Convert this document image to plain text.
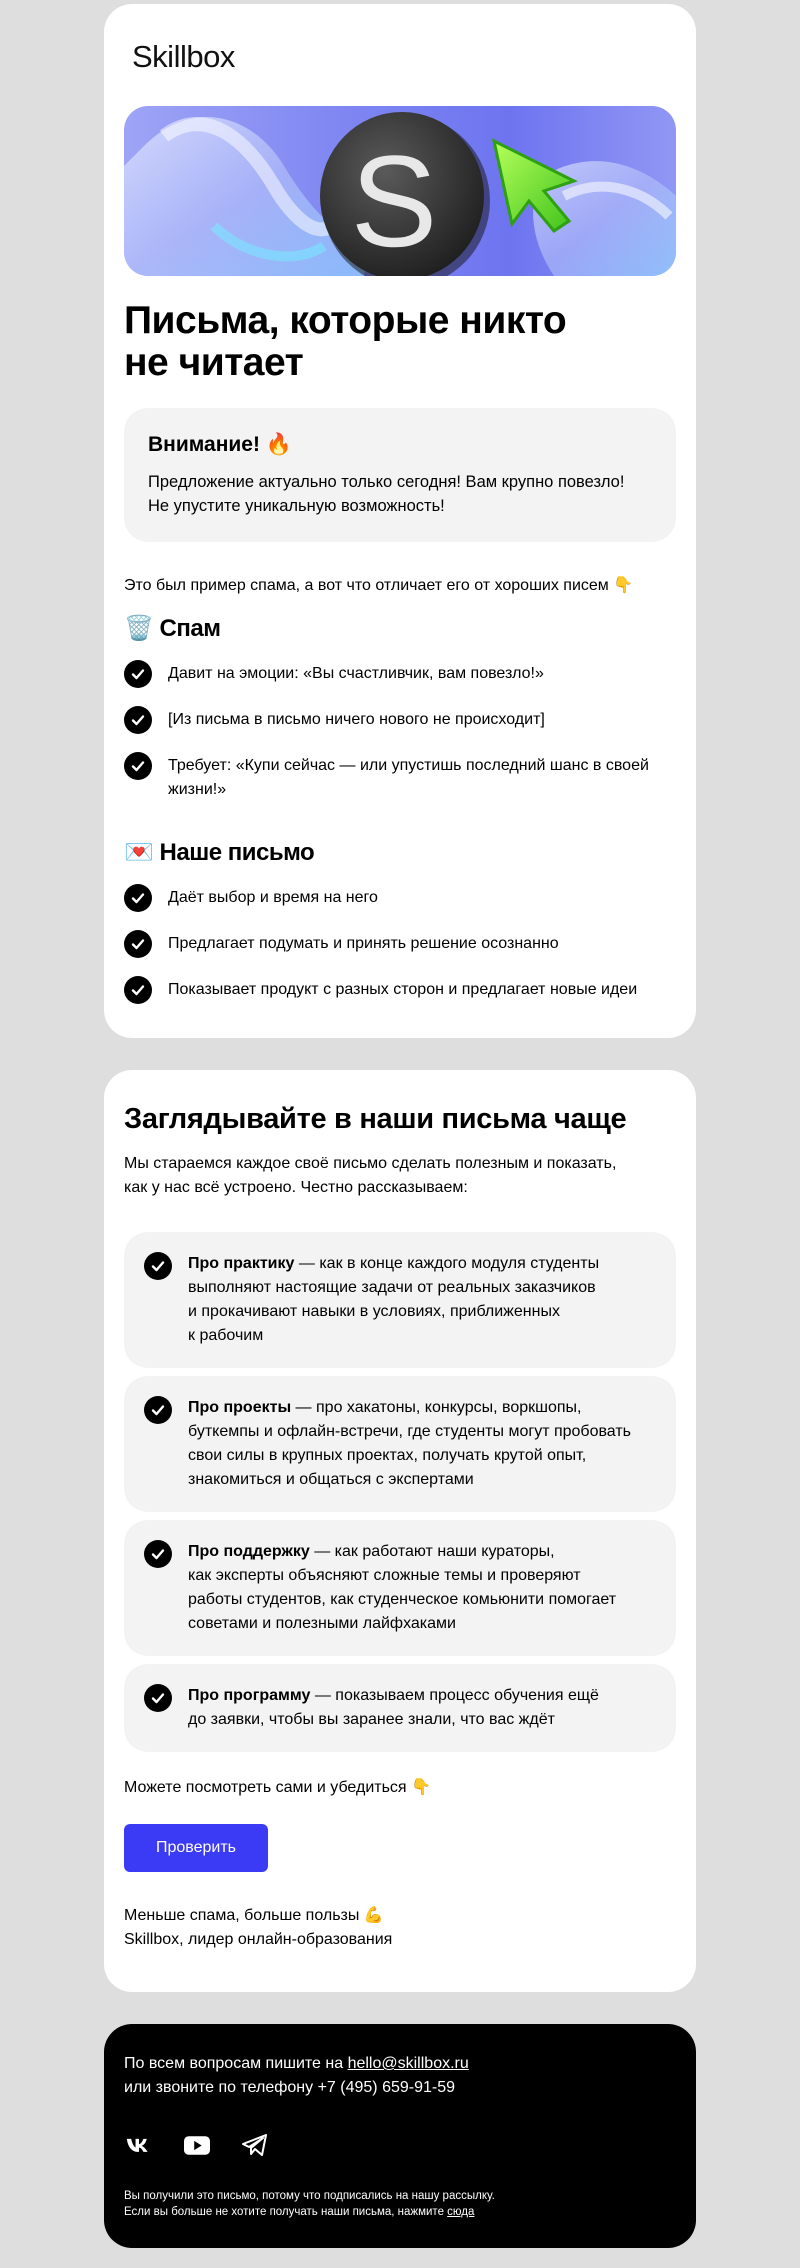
Skillbox
S
Письма, которые никто
не читает
Внимание! 🔥
Предложение актуально только сегодня! Вам крупно повезло!
Не упустите уникальную возможность!
Это был пример спама, а вот что отличает его от хороших писем 👇
🗑️ Спам
Давит на эмоции: «Вы счастливчик, вам повезло!»
[Из письма в письмо ничего нового не происходит]
Требует: «Купи сейчас — или упустишь последний шанс в своей жизни!»
💌 Наше письмо
Даёт выбор и время на него
Предлагает подумать и принять решение осознанно
Показывает продукт с разных сторон и предлагает новые идеи
Заглядывайте в наши письма чаще
Мы стараемся каждое своё письмо сделать полезным и показать,
как у нас всё устроено. Честно рассказываем:
Про практику — как в конце каждого модуля студенты
выполняют настоящие задачи от реальных заказчиков
и прокачивают навыки в условиях, приближенных
к рабочим
Про проекты — про хакатоны, конкурсы, воркшопы,
буткемпы и офлайн-встречи, где студенты могут пробовать
свои силы в крупных проектах, получать крутой опыт,
знакомиться и общаться с экспертами
Про поддержку — как работают наши кураторы,
как эксперты объясняют сложные темы и проверяют
работы студентов, как студенческое комьюнити помогает
советами и полезными лайфхаками
Про программу — показываем процесс обучения ещё
до заявки, чтобы вы заранее знали, что вас ждёт
Можете посмотреть сами и убедиться 👇
Проверить
Меньше спама, больше пользы 💪
Skillbox, лидер онлайн-образования
По всем вопросам пишите на hello@skillbox.ru
или звоните по телефону +7 (495) 659-91-59
Вы получили это письмо, потому что подписались на нашу рассылку.
Если вы больше не хотите получать наши письма, нажмите сюда
